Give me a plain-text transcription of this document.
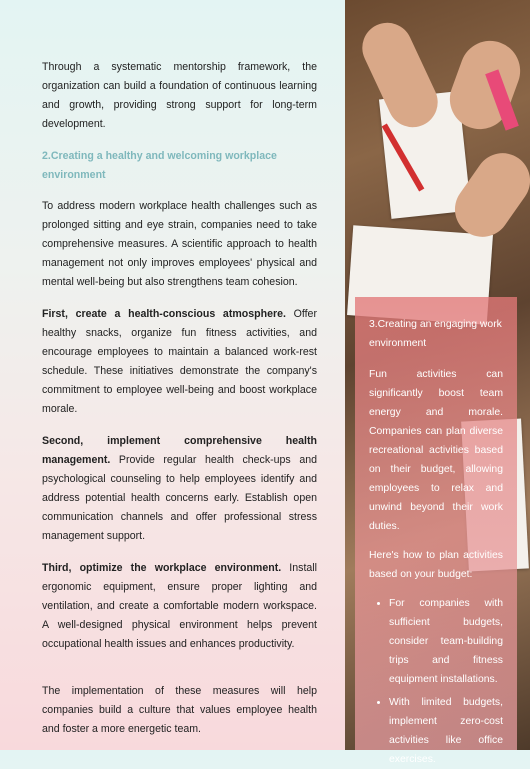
Through a systematic mentorship framework, the organization can build a foundation of continuous learning and growth, providing strong support for long-term development.

2.Creating a healthy and welcoming workplace environment

To address modern workplace health challenges such as prolonged sitting and eye strain, companies need to take comprehensive measures. A scientific approach to health management not only improves employees' physical and mental well-being but also strengthens team cohesion.

First, create a health-conscious atmosphere. Offer healthy snacks, organize fun fitness activities, and encourage employees to maintain a balanced work-rest schedule. These initiatives demonstrate the company's commitment to employee well-being and boost workplace morale.

Second, implement comprehensive health management. Provide regular health check-ups and psychological counseling to help employees identify and address potential health concerns early. Establish open communication channels and offer professional stress management support.

Third, optimize the workplace environment. Install ergonomic equipment, ensure proper lighting and ventilation, and create a comfortable modern workspace. A well-designed physical environment helps prevent occupational health issues and enhances productivity.

The implementation of these measures will help companies build a culture that values employee health and foster a more energetic team.

3.Creating an engaging work environment

Fun activities can significantly boost team energy and morale. Companies can plan diverse recreational activities based on their budget, allowing employees to relax and unwind beyond their work duties.

Here's how to plan activities based on your budget:

• For companies with sufficient budgets, consider team-building trips and fitness equipment installations.
• With limited budgets, implement zero-cost activities like office exercises.
